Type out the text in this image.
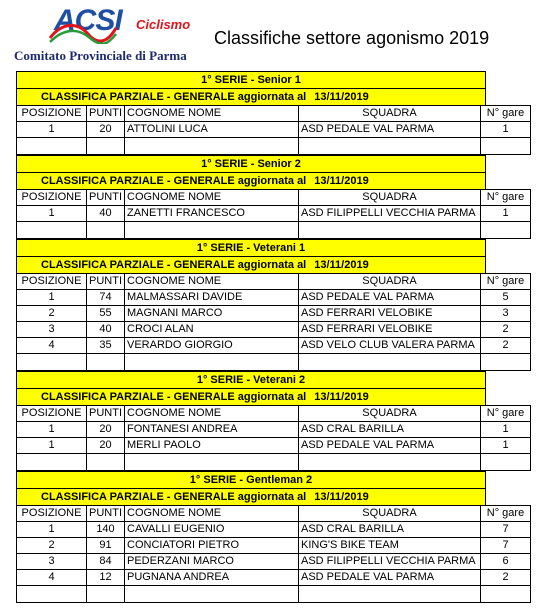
ACSI Ciclismo
Comitato Provinciale di Parma
Classifiche settore agonismo 2019
1° SERIE - Senior 1
CLASSIFICA PARZIALE - GENERALE aggiornata al 13/11/2019
POSIZIONE	PUNTI	COGNOME NOME	SQUADRA	N° gare
1	20	ATTOLINI LUCA	ASD PEDALE VAL PARMA	1

1° SERIE - Senior 2
CLASSIFICA PARZIALE - GENERALE aggiornata al 13/11/2019
POSIZIONE	PUNTI	COGNOME NOME	SQUADRA	N° gare
1	40	ZANETTI FRANCESCO	ASD FILIPPELLI VECCHIA PARMA	1

1° SERIE - Veterani 1
CLASSIFICA PARZIALE - GENERALE aggiornata al 13/11/2019
POSIZIONE	PUNTI	COGNOME NOME	SQUADRA	N° gare
1	74	MALMASSARI DAVIDE	ASD PEDALE VAL PARMA	5
2	55	MAGNANI MARCO	ASD FERRARI VELOBIKE	3
3	40	CROCI ALAN	ASD FERRARI VELOBIKE	2
4	35	VERARDO GIORGIO	ASD VELO CLUB VALERA PARMA	2

1° SERIE - Veterani 2
CLASSIFICA PARZIALE - GENERALE aggiornata al 13/11/2019
POSIZIONE	PUNTI	COGNOME NOME	SQUADRA	N° gare
1	20	FONTANESI ANDREA	ASD CRAL BARILLA	1
1	20	MERLI PAOLO	ASD PEDALE VAL PARMA	1

1° SERIE - Gentleman 2
CLASSIFICA PARZIALE - GENERALE aggiornata al 13/11/2019
POSIZIONE	PUNTI	COGNOME NOME	SQUADRA	N° gare
1	140	CAVALLI EUGENIO	ASD CRAL BARILLA	7
2	91	CONCIATORI PIETRO	KING'S BIKE TEAM	7
3	84	PEDERZANI MARCO	ASD FILIPPELLI VECCHIA PARMA	6
4	12	PUGNANA ANDREA	ASD PEDALE VAL PARMA	2
